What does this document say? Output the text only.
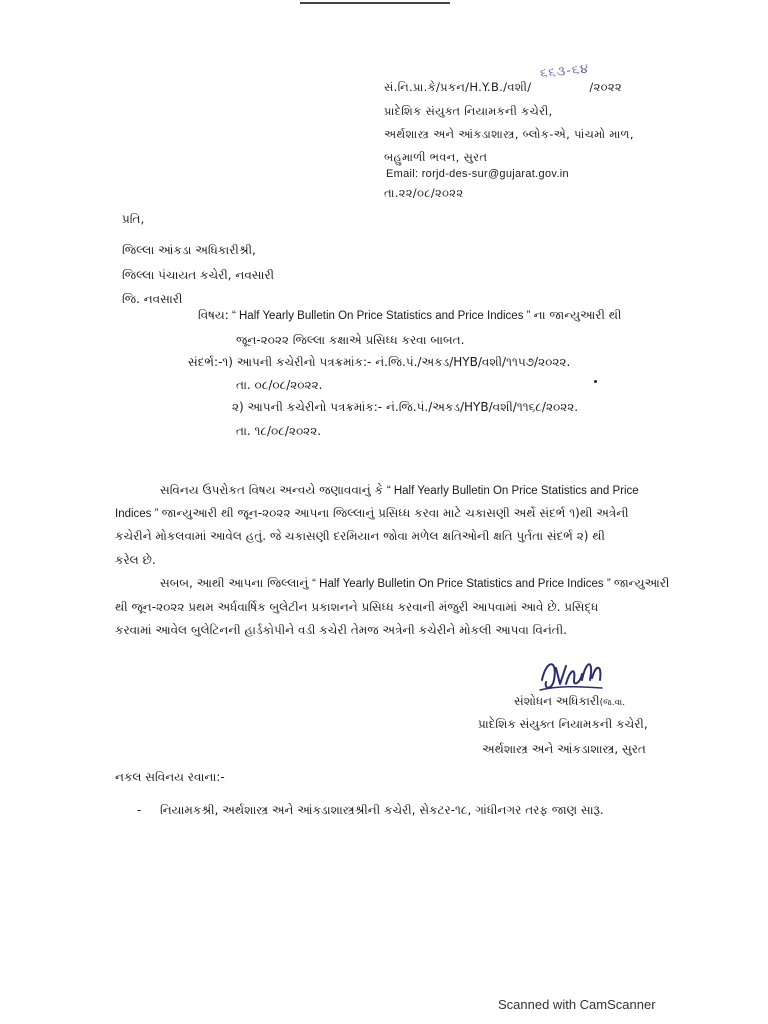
સં.નિ.પ્રા.કે/પ્રકન/H.Y.B./વશી/	/૨૦૨૨
૬૬૩-૬૪
પ્રાદેશિક સંયુક્ત નિયામકની કચેરી,
અર્થશાસ્ત્ર અને આંકડાશાસ્ત્ર, બ્લોક-એ, પાંચમો માળ,
બહુમાળી ભવન, સુરત
Email: rorjd-des-sur@gujarat.gov.in
તા.૨૨/૦૮/૨૦૨૨
પ્રતિ,
જિલ્લા આંકડા અધિકારીશ્રી,
જિલ્લા પંચાયત કચેરી, નવસારી
જિ. નવસારી
વિષય: “ Half Yearly Bulletin On Price Statistics and Price Indices ” ના જાન્યુઆરી થી
જૂન-૨૦૨૨ જિલ્લા કક્ષાએ પ્રસિધ્ધ કરવા બાબત.
સંદર્ભ:-૧) આપની કચેરીનો પત્રક્રમાંક:- નં.જિ.પં./અકડ/HYB/વશી/૧૧૫૭/૨૦૨૨.
તા. ૦૮/૦૮/૨૦૨૨.
૨) આપની કચેરીનો પત્રક્રમાંક:- નં.જિ.પં./અકડ/HYB/વશી/૧૧૬૮/૨૦૨૨.
તા. ૧૮/૦૮/૨૦૨૨.
સવિનય ઉપરોકત વિષય અન્વયે જણાવવાનું કે “ Half Yearly Bulletin On Price Statistics and Price
Indices ” જાન્યુઆરી થી જૂન-૨૦૨૨ આપના જિલ્લાનું પ્રસિધ્ધ કરવા માટે ચકાસણી અર્થે સંદર્ભ ૧)થી અત્રેની
કચેરીને મોકલવામાં આવેલ હતું. જે ચકાસણી દરમિયાન જોવા મળેલ ક્ષતિઓની ક્ષતિ પુર્તતા સંદર્ભ ૨) થી
કરેલ છે.
સબબ, આથી આપના જિલ્લાનું “ Half Yearly Bulletin On Price Statistics and Price Indices ” જાન્યુઆરી
થી જૂન-૨૦૨૨ પ્રથમ અર્ધવાર્ષિક બુલેટીન પ્રકાશનને પ્રસિધ્ધ કરવાની મંજુરી આપવામાં આવે છે. પ્રસિદ્ધ
કરવામાં આવેલ બુલેટિનની હાર્ડકોપીને વડી કચેરી તેમજ અત્રેની કચેરીને મોકલી આપવા વિનંતી.
સંશોધન અધિકારી(જ.વા.
પ્રાદેશિક સંયુક્ત નિયામકની કચેરી,
અર્થશાસ્ત્ર અને આંકડાશાસ્ત્ર, સુરત
નકલ સવિનય રવાના:-
- નિયામકશ્રી, અર્થશાસ્ત્ર અને આંકડાશાસ્ત્રશ્રીની કચેરી, સેકટર-૧૮, ગાંધીનગર તરફ જાણ સારૂ.
Scanned with CamScanner
